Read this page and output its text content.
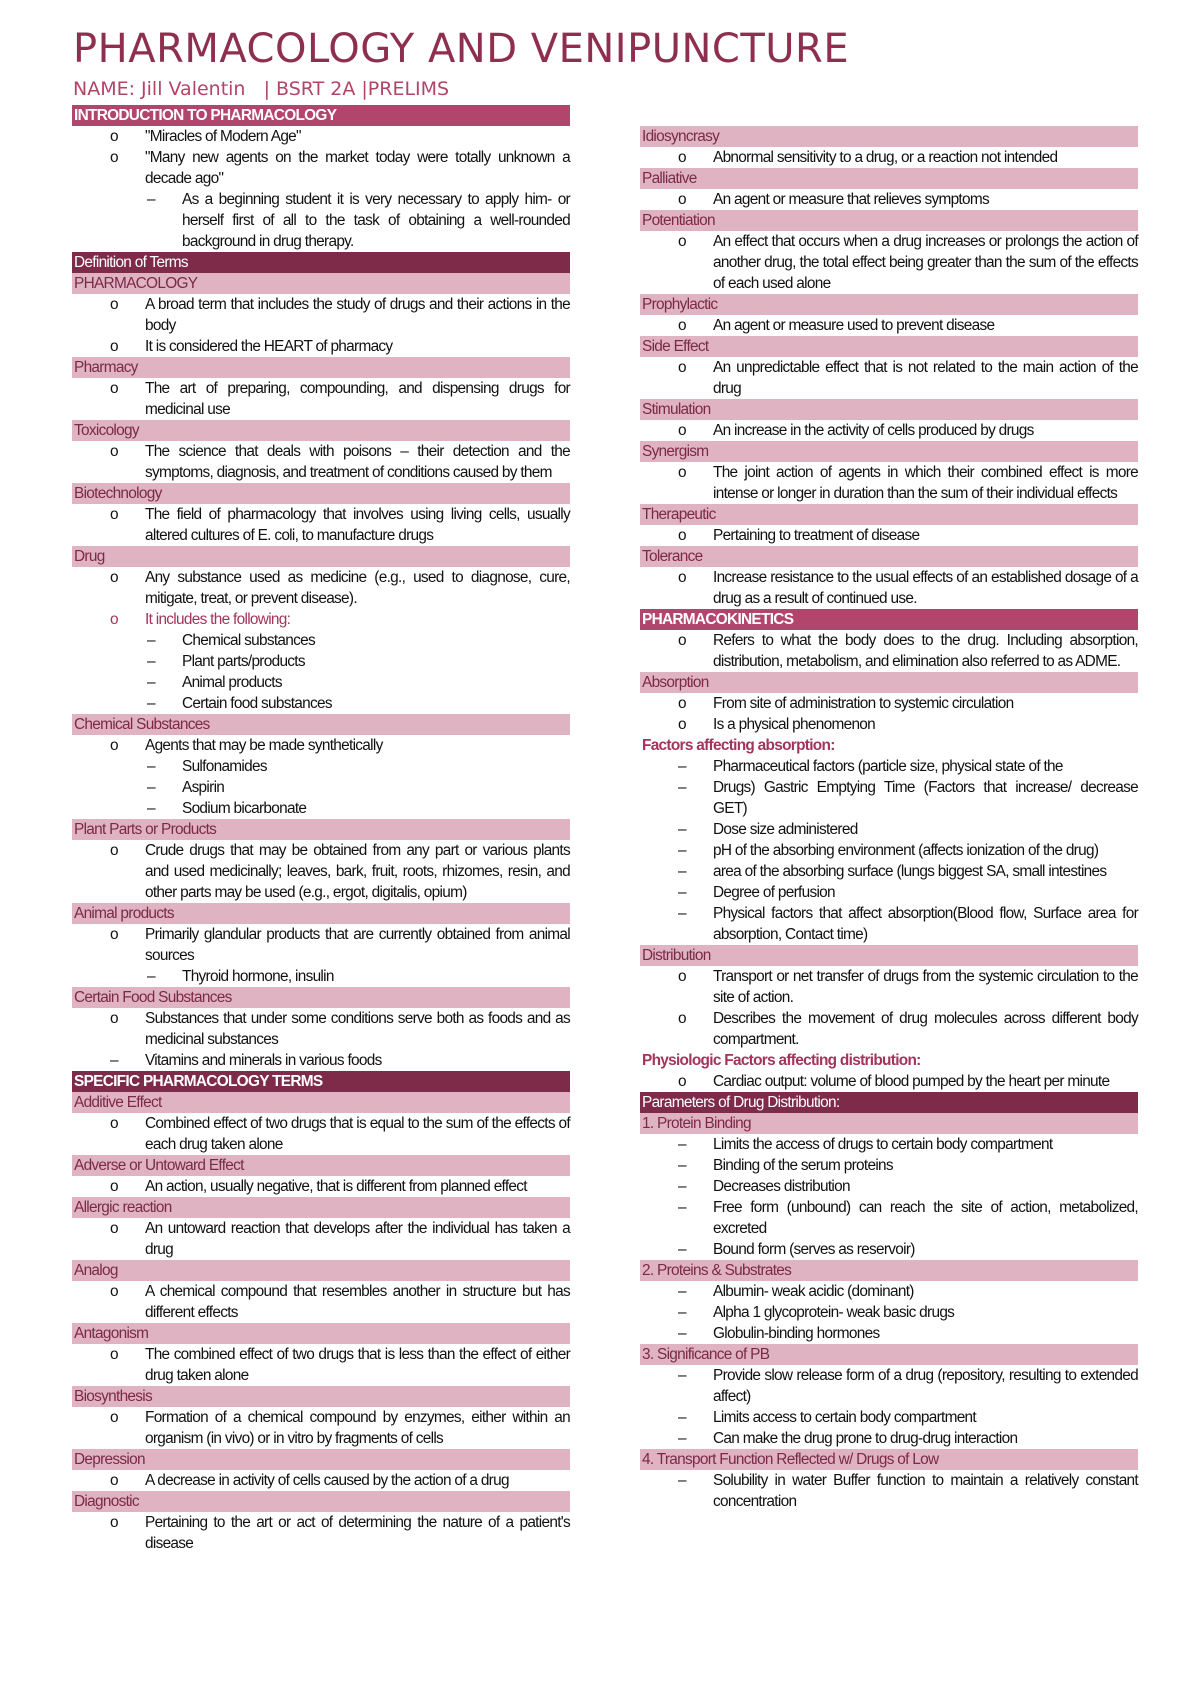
PHARMACOLOGY AND VENIPUNCTURE
NAME: Jill Valentin   | BSRT 2A |PRELIMS
INTRODUCTION TO PHARMACOLOGY
o "Miracles of Modern Age"
o "Many new agents on the market today were totally unknown a decade ago"
– As a beginning student it is very necessary to apply him- or herself first of all to the task of obtaining a well-rounded background in drug therapy.
Definition of Terms
PHARMACOLOGY
o A broad term that includes the study of drugs and their actions in the body
o It is considered the HEART of pharmacy
Pharmacy
o The art of preparing, compounding, and dispensing drugs for medicinal use
Toxicology
o The science that deals with poisons – their detection and the symptoms, diagnosis, and treatment of conditions caused by them
Biotechnology
o The field of pharmacology that involves using living cells, usually altered cultures of E. coli, to manufacture drugs
Drug
o Any substance used as medicine (e.g., used to diagnose, cure, mitigate, treat, or prevent disease).
o It includes the following:
– Chemical substances
– Plant parts/products
– Animal products
– Certain food substances
Chemical Substances
o Agents that may be made synthetically
– Sulfonamides
– Aspirin
– Sodium bicarbonate
Plant Parts or Products
o Crude drugs that may be obtained from any part or various plants and used medicinally; leaves, bark, fruit, roots, rhizomes, resin, and other parts may be used (e.g., ergot, digitalis, opium)
Animal products
o Primarily glandular products that are currently obtained from animal sources
– Thyroid hormone, insulin
Certain Food Substances
o Substances that under some conditions serve both as foods and as medicinal substances
– Vitamins and minerals in various foods
SPECIFIC PHARMACOLOGY TERMS
Additive Effect
o Combined effect of two drugs that is equal to the sum of the effects of each drug taken alone
Adverse or Untoward Effect
o An action, usually negative, that is different from planned effect
Allergic reaction
o An untoward reaction that develops after the individual has taken a drug
Analog
o A chemical compound that resembles another in structure but has different effects
Antagonism
o The combined effect of two drugs that is less than the effect of either drug taken alone
Biosynthesis
o Formation of a chemical compound by enzymes, either within an organism (in vivo) or in vitro by fragments of cells
Depression
o A decrease in activity of cells caused by the action of a drug
Diagnostic
o Pertaining to the art or act of determining the nature of a patient's disease
Idiosyncrasy
o Abnormal sensitivity to a drug, or a reaction not intended
Palliative
o An agent or measure that relieves symptoms
Potentiation
o An effect that occurs when a drug increases or prolongs the action of another drug, the total effect being greater than the sum of the effects of each used alone
Prophylactic
o An agent or measure used to prevent disease
Side Effect
o An unpredictable effect that is not related to the main action of the drug
Stimulation
o An increase in the activity of cells produced by drugs
Synergism
o The joint action of agents in which their combined effect is more intense or longer in duration than the sum of their individual effects
Therapeutic
o Pertaining to treatment of disease
Tolerance
o Increase resistance to the usual effects of an established dosage of a drug as a result of continued use.
PHARMACOKINETICS
o Refers to what the body does to the drug. Including absorption, distribution, metabolism, and elimination also referred to as ADME.
Absorption
o From site of administration to systemic circulation
o Is a physical phenomenon
Factors affecting absorption:
– Pharmaceutical factors (particle size, physical state of the
– Drugs) Gastric Emptying Time (Factors that increase/ decrease GET)
– Dose size administered
– pH of the absorbing environment (affects ionization of the drug)
– area of the absorbing surface (lungs biggest SA, small intestines
– Degree of perfusion
– Physical factors that affect absorption(Blood flow, Surface area for absorption, Contact time)
Distribution
o Transport or net transfer of drugs from the systemic circulation to the site of action.
o Describes the movement of drug molecules across different body compartment.
Physiologic Factors affecting distribution:
o Cardiac output: volume of blood pumped by the heart per minute
Parameters of Drug Distribution:
1. Protein Binding
– Limits the access of drugs to certain body compartment
– Binding of the serum proteins
– Decreases distribution
– Free form (unbound) can reach the site of action, metabolized, excreted
– Bound form (serves as reservoir)
2. Proteins & Substrates
– Albumin- weak acidic (dominant)
– Alpha 1 glycoprotein- weak basic drugs
– Globulin-binding hormones
3. Significance of PB
– Provide slow release form of a drug (repository, resulting to extended affect)
– Limits access to certain body compartment
– Can make the drug prone to drug-drug interaction
4. Transport Function Reflected w/ Drugs of Low
– Solubility in water Buffer function to maintain a relatively constant concentration
